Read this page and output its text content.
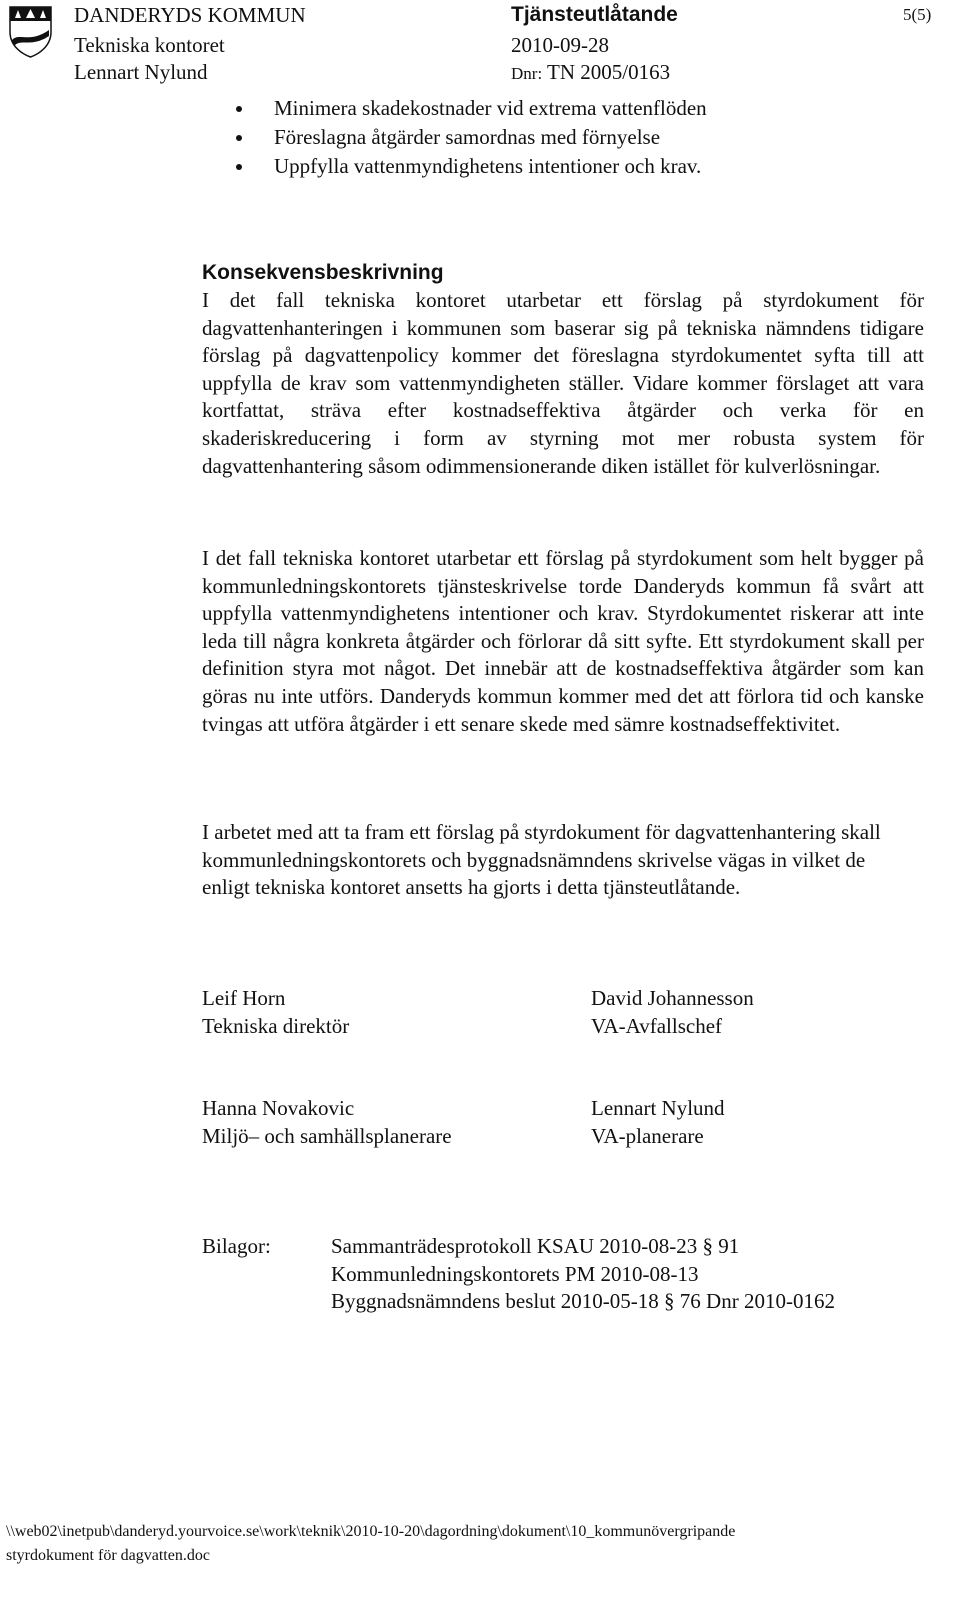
DANDERYDS KOMMUN
Tekniska kontoret
Lennart Nylund
Tjänsteutlåtande
2010-09-28
Dnr: TN 2005/0163
5(5)
Minimera skadekostnader vid extrema vattenflöden
Föreslagna åtgärder samordnas med förnyelse
Uppfylla vattenmyndighetens intentioner och krav.
Konsekvensbeskrivning

I det fall tekniska kontoret utarbetar ett förslag på styrdokument för dagvattenhanteringen i kommunen som baserar sig på tekniska nämndens tidigare förslag på dagvattenpolicy kommer det föreslagna styrdokumentet syfta till att uppfylla de krav som vattenmyndigheten ställer. Vidare kommer förslaget att vara kortfattat, sträva efter kostnadseffektiva åtgärder och verka för en skaderiskreducering i form av styrning mot mer robusta system för dagvattenhantering såsom odimmensionerande diken istället för kulverlösningar.

I det fall tekniska kontoret utarbetar ett förslag på styrdokument som helt bygger på kommunledningskontorets tjänsteskrivelse torde Danderyds kommun få svårt att uppfylla vattenmyndighetens intentioner och krav. Styrdokumentet riskerar att inte leda till några konkreta åtgärder och förlorar då sitt syfte. Ett styrdokument skall per definition styra mot något. Det innebär att de kostnadseffektiva åtgärder som kan göras nu inte utförs. Danderyds kommun kommer med det att förlora tid och kanske tvingas att utföra åtgärder i ett senare skede med sämre kostnadseffektivitet.

I arbetet med att ta fram ett förslag på styrdokument för dagvattenhantering skall kommunledningskontorets och byggnadsnämndens skrivelse vägas in vilket de enligt tekniska kontoret ansetts ha gjorts i detta tjänsteutlåtande.

Leif Horn
Tekniska direktör
David Johannesson
VA-Avfallschef
Hanna Novakovic
Miljö– och samhällsplanerare
Lennart Nylund
VA-planerare
Bilagor:	Sammanträdesprotokoll KSAU 2010-08-23 § 91
Kommunledningskontorets PM 2010-08-13
Byggnadsnämndens beslut 2010-05-18 § 76 Dnr 2010-0162
\\web02\inetpub\danderyd.yourvoice.se\work\teknik\2010-10-20\dagordning\dokument\10_kommunövergripande
styrdokument för dagvatten.doc
